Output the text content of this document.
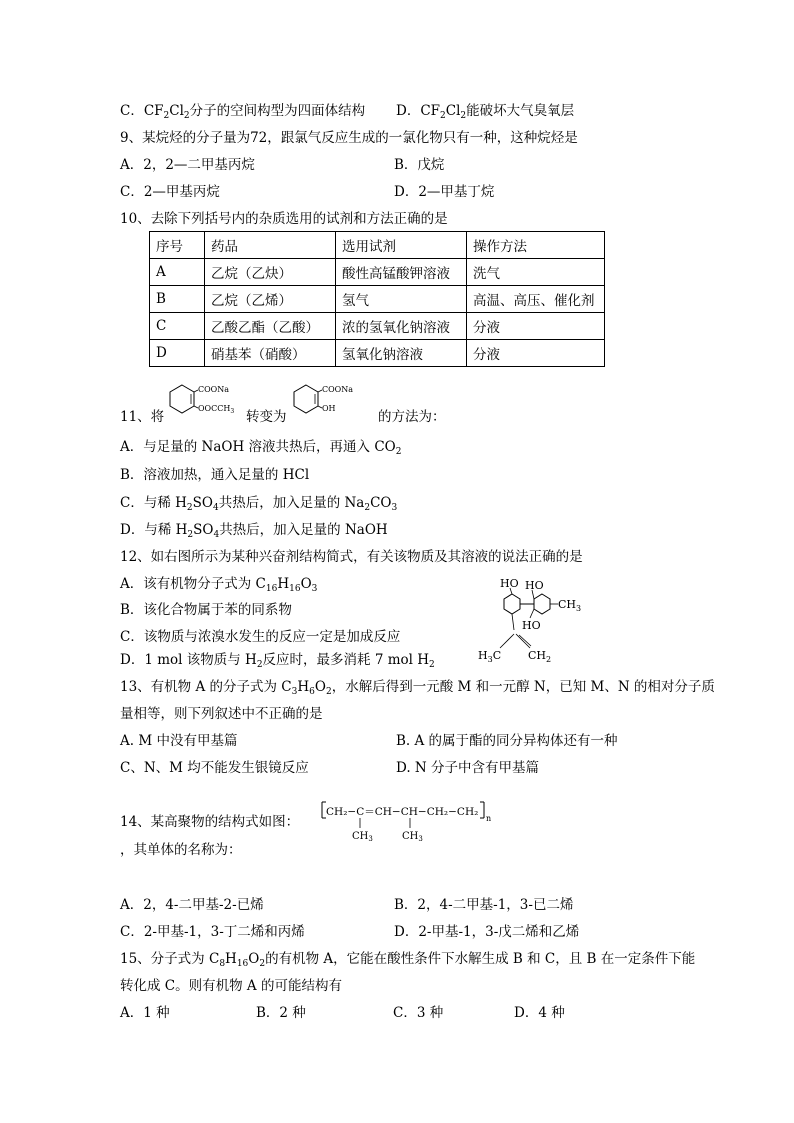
C．$CF_2Cl_2$分子的空间构型为四面体结构 D．$CF_2Cl_2$能破坏大气臭氧层
9、某烷烃的分子量为72，跟氯气反应生成的一氯化物只有一种，这种烷烃是
A．2，2—二甲基丙烷	B．戊烷
C．2—甲基丙烷	D．2—甲基丁烷
10、去除下列括号内的杂质选用的试剂和方法正确的是
序号	药品	选用试剂	操作方法
A	乙烷（乙炔）	酸性高锰酸钾溶液	洗气
B	乙烷（乙烯）	氢气	高温、高压、催化剂
C	乙酸乙酯（乙酸）	浓的氢氧化钠溶液	分液
D	硝基苯（硝酸）	氢氧化钠溶液	分液
11、将
COONa
$OOCCH_3$ 转变为
COONa
OH
的方法为：
A．与足量的 NaOH 溶液共热后，再通入 $CO_2$
B．溶液加热，通入足量的 HCl
C．与稀 $H_2SO_4$共热后，加入足量的 $Na_2CO_3$
D．与稀 $H_2SO_4$共热后，加入足量的 NaOH
12、如右图所示为某种兴奋剂结构简式，有关该物质及其溶液的说法正确的是
A．该有机物分子式为 $C_{16}H_{16}O_3$
B．该化合物属于苯的同系物
C．该物质与浓溴水发生的反应一定是加成反应
D．1 mol 该物质与 $H_2$反应时，最多消耗 7 mol $H_2$
HO HO
$CH_3$
HO
$H_3C$ $CH_2$
13、有机物 A 的分子式为 $C_3H_6O_2$，水解后得到一元酸 M 和一元醇 N，已知 M、N 的相对分子质
量相等，则下列叙述中不正确的是
A. M 中没有甲基篇	B. A 的属于酯的同分异构体还有一种
C、N、M 均不能发生银镜反应	D. N 分子中含有甲基篇
14、某高聚物的结构式如图：
CH₂−C＝CH−CH−CH₂−CH₂
n
$CH_3$	$CH_3$
，其单体的名称为：
A．2，4-二甲基-2-已烯	B．2，4-二甲基-1，3-已二烯
C．2-甲基-1，3-丁二烯和丙烯	D．2-甲基-1，3-戊二烯和乙烯
15、分子式为 $C_8H_{16}O_2$的有机物 A，它能在酸性条件下水解生成 B 和 C，且 B 在一定条件下能
转化成 C。则有机物 A 的可能结构有
A．1 种	B．2 种	C．3 种	D．4 种
